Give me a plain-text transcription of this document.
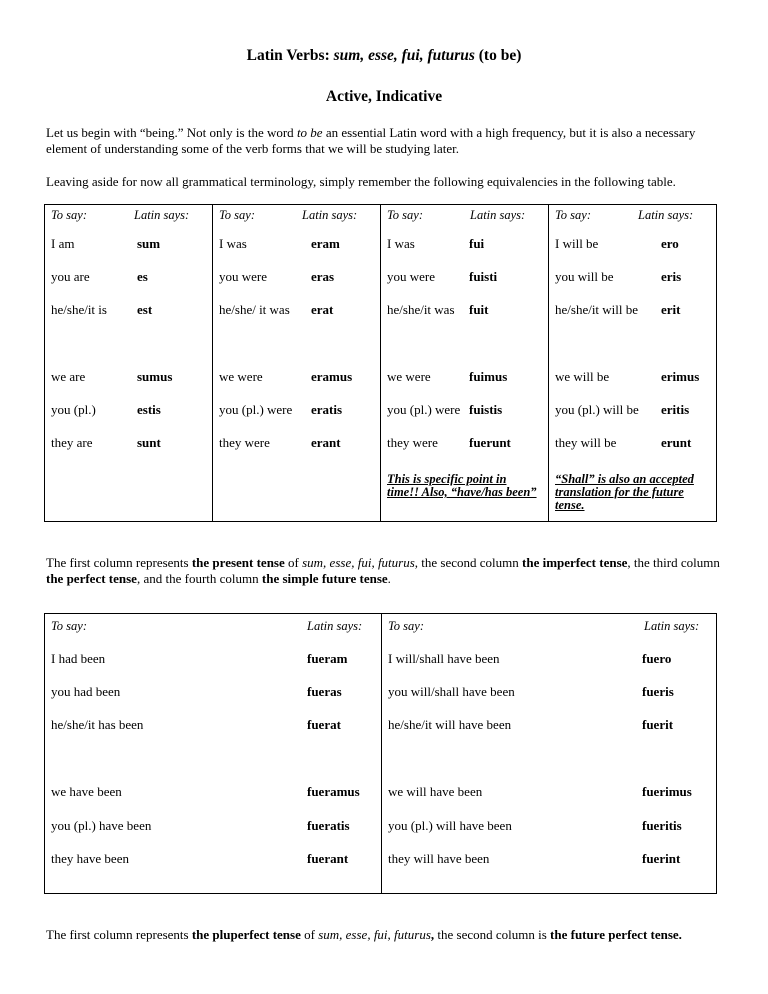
Latin Verbs: sum, esse, fui, futurus (to be)
Active, Indicative
Let us begin with “being.” Not only is the word to be an essential Latin word with a high frequency, but it is also a necessary element of understanding some of the verb forms that we will be studying later.
Leaving aside for now all grammatical terminology, simply remember the following equivalencies in the following table.
To say:	Latin says:
I am	sum
you are	es
he/she/it is est
we are	sumus
you (pl.)	estis
they are	sunt
To say:	Latin says:
I was	eram
you were	eras
he/she/ it was erat
we were	eramus
you (pl.) were eratis
they were	erant
To say:	Latin says:
I was	fui
you were	fuisti
he/she/it was fuit
we were	fuimus
you (pl.) were fuistis
they were fuerunt
This is specific point in time!! Also, “have/has been”
To say:	Latin says:
I will be	ero
you will be	eris
he/she/it will be erit
we will be	erimus
you (pl.) will be eritis
they will be	erunt
“Shall” is also an accepted translation for the future tense.
The first column represents the present tense of sum, esse, fui, futurus, the second column the imperfect tense, the third column the perfect tense, and the fourth column the simple future tense.
To say:	Latin says:
I had been	fueram
you had been	fueras
he/she/it has been	fuerat
we have been	fueramus
you (pl.) have been	fueratis
they have been	fuerant
To say:	Latin says:
I will/shall have been	fuero
you will/shall have been	fueris
he/she/it will have been	fuerit
we will have been	fuerimus
you (pl.) will have been	fueritis
they will have been	fuerint
The first column represents the pluperfect tense of sum, esse, fui, futurus, the second column is the future perfect tense.
